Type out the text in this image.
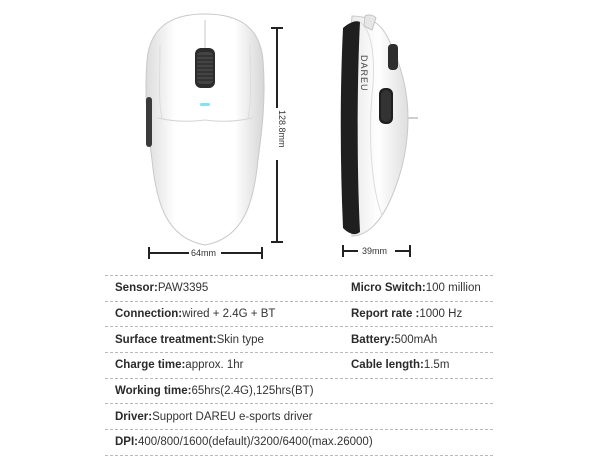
DAREU
64mm
128.8mm
39mm
Sensor: PAW3395	Micro Switch: 100 million
Connection: wired + 2.4G + BT	Report rate : 1000 Hz
Surface treatment: Skin type	Battery: 500mAh
Charge time: approx. 1hr	Cable length: 1.5m
Working time: 65hrs(2.4G),125hrs(BT)
Driver: Support DAREU e-sports driver
DPI: 400/800/1600(default)/3200/6400(max.26000)
